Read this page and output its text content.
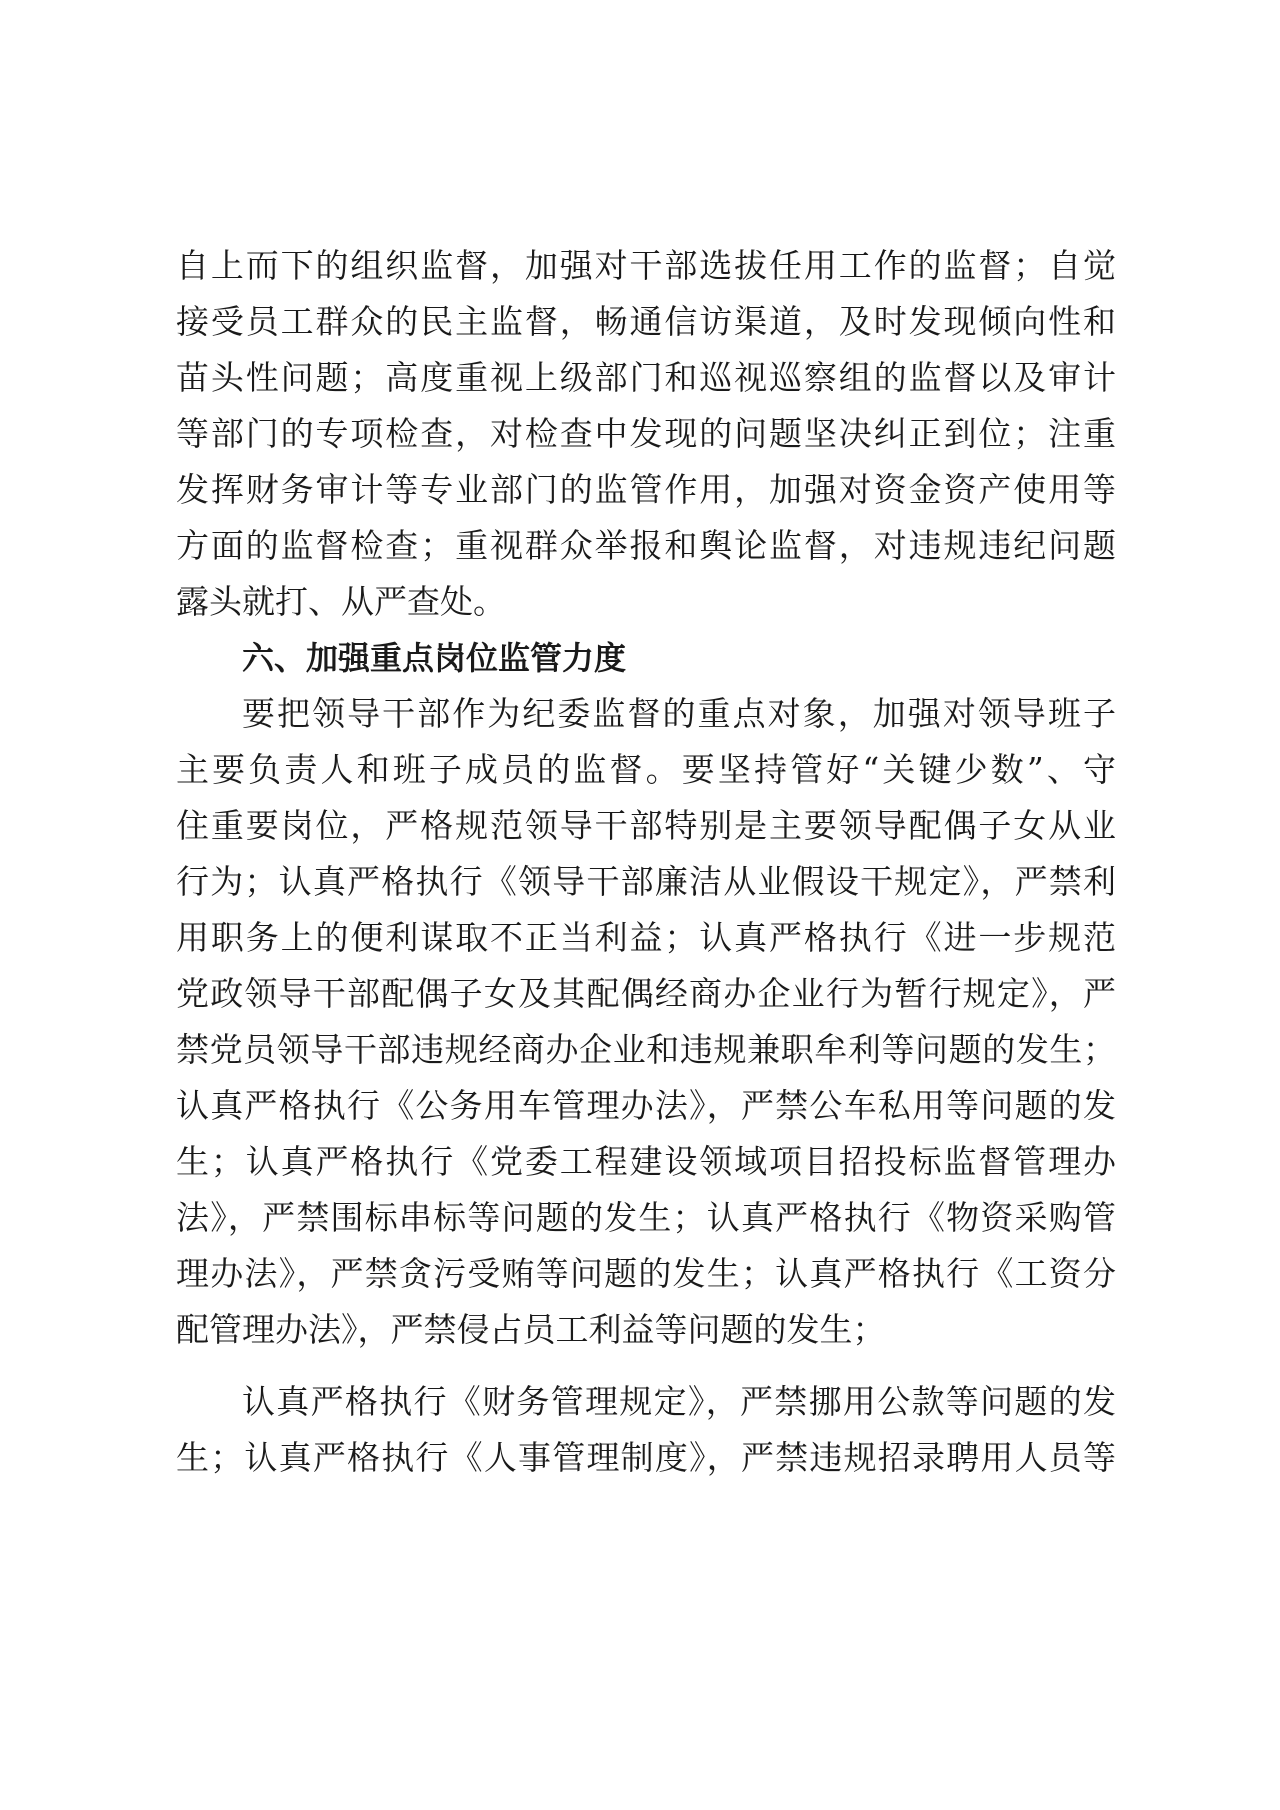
自上而下的组织监督，加强对干部选拔任用工作的监督；自觉
接受员工群众的民主监督，畅通信访渠道，及时发现倾向性和
苗头性问题；高度重视上级部门和巡视巡察组的监督以及审计
等部门的专项检查，对检查中发现的问题坚决纠正到位；注重
发挥财务审计等专业部门的监管作用，加强对资金资产使用等
方面的监督检查；重视群众举报和舆论监督，对违规违纪问题
露头就打、从严查处。
六、加强重点岗位监管力度
要把领导干部作为纪委监督的重点对象，加强对领导班子
主要负责人和班子成员的监督。要坚持管好“关键少数”、守
住重要岗位，严格规范领导干部特别是主要领导配偶子女从业
行为；认真严格执行《领导干部廉洁从业假设干规定》，严禁利
用职务上的便利谋取不正当利益；认真严格执行《进一步规范
党政领导干部配偶子女及其配偶经商办企业行为暂行规定》，严
禁党员领导干部违规经商办企业和违规兼职牟利等问题的发生；
认真严格执行《公务用车管理办法》，严禁公车私用等问题的发
生；认真严格执行《党委工程建设领域项目招投标监督管理办
法》，严禁围标串标等问题的发生；认真严格执行《物资采购管
理办法》，严禁贪污受贿等问题的发生；认真严格执行《工资分
配管理办法》，严禁侵占员工利益等问题的发生；
认真严格执行《财务管理规定》，严禁挪用公款等问题的发
生；认真严格执行《人事管理制度》，严禁违规招录聘用人员等
